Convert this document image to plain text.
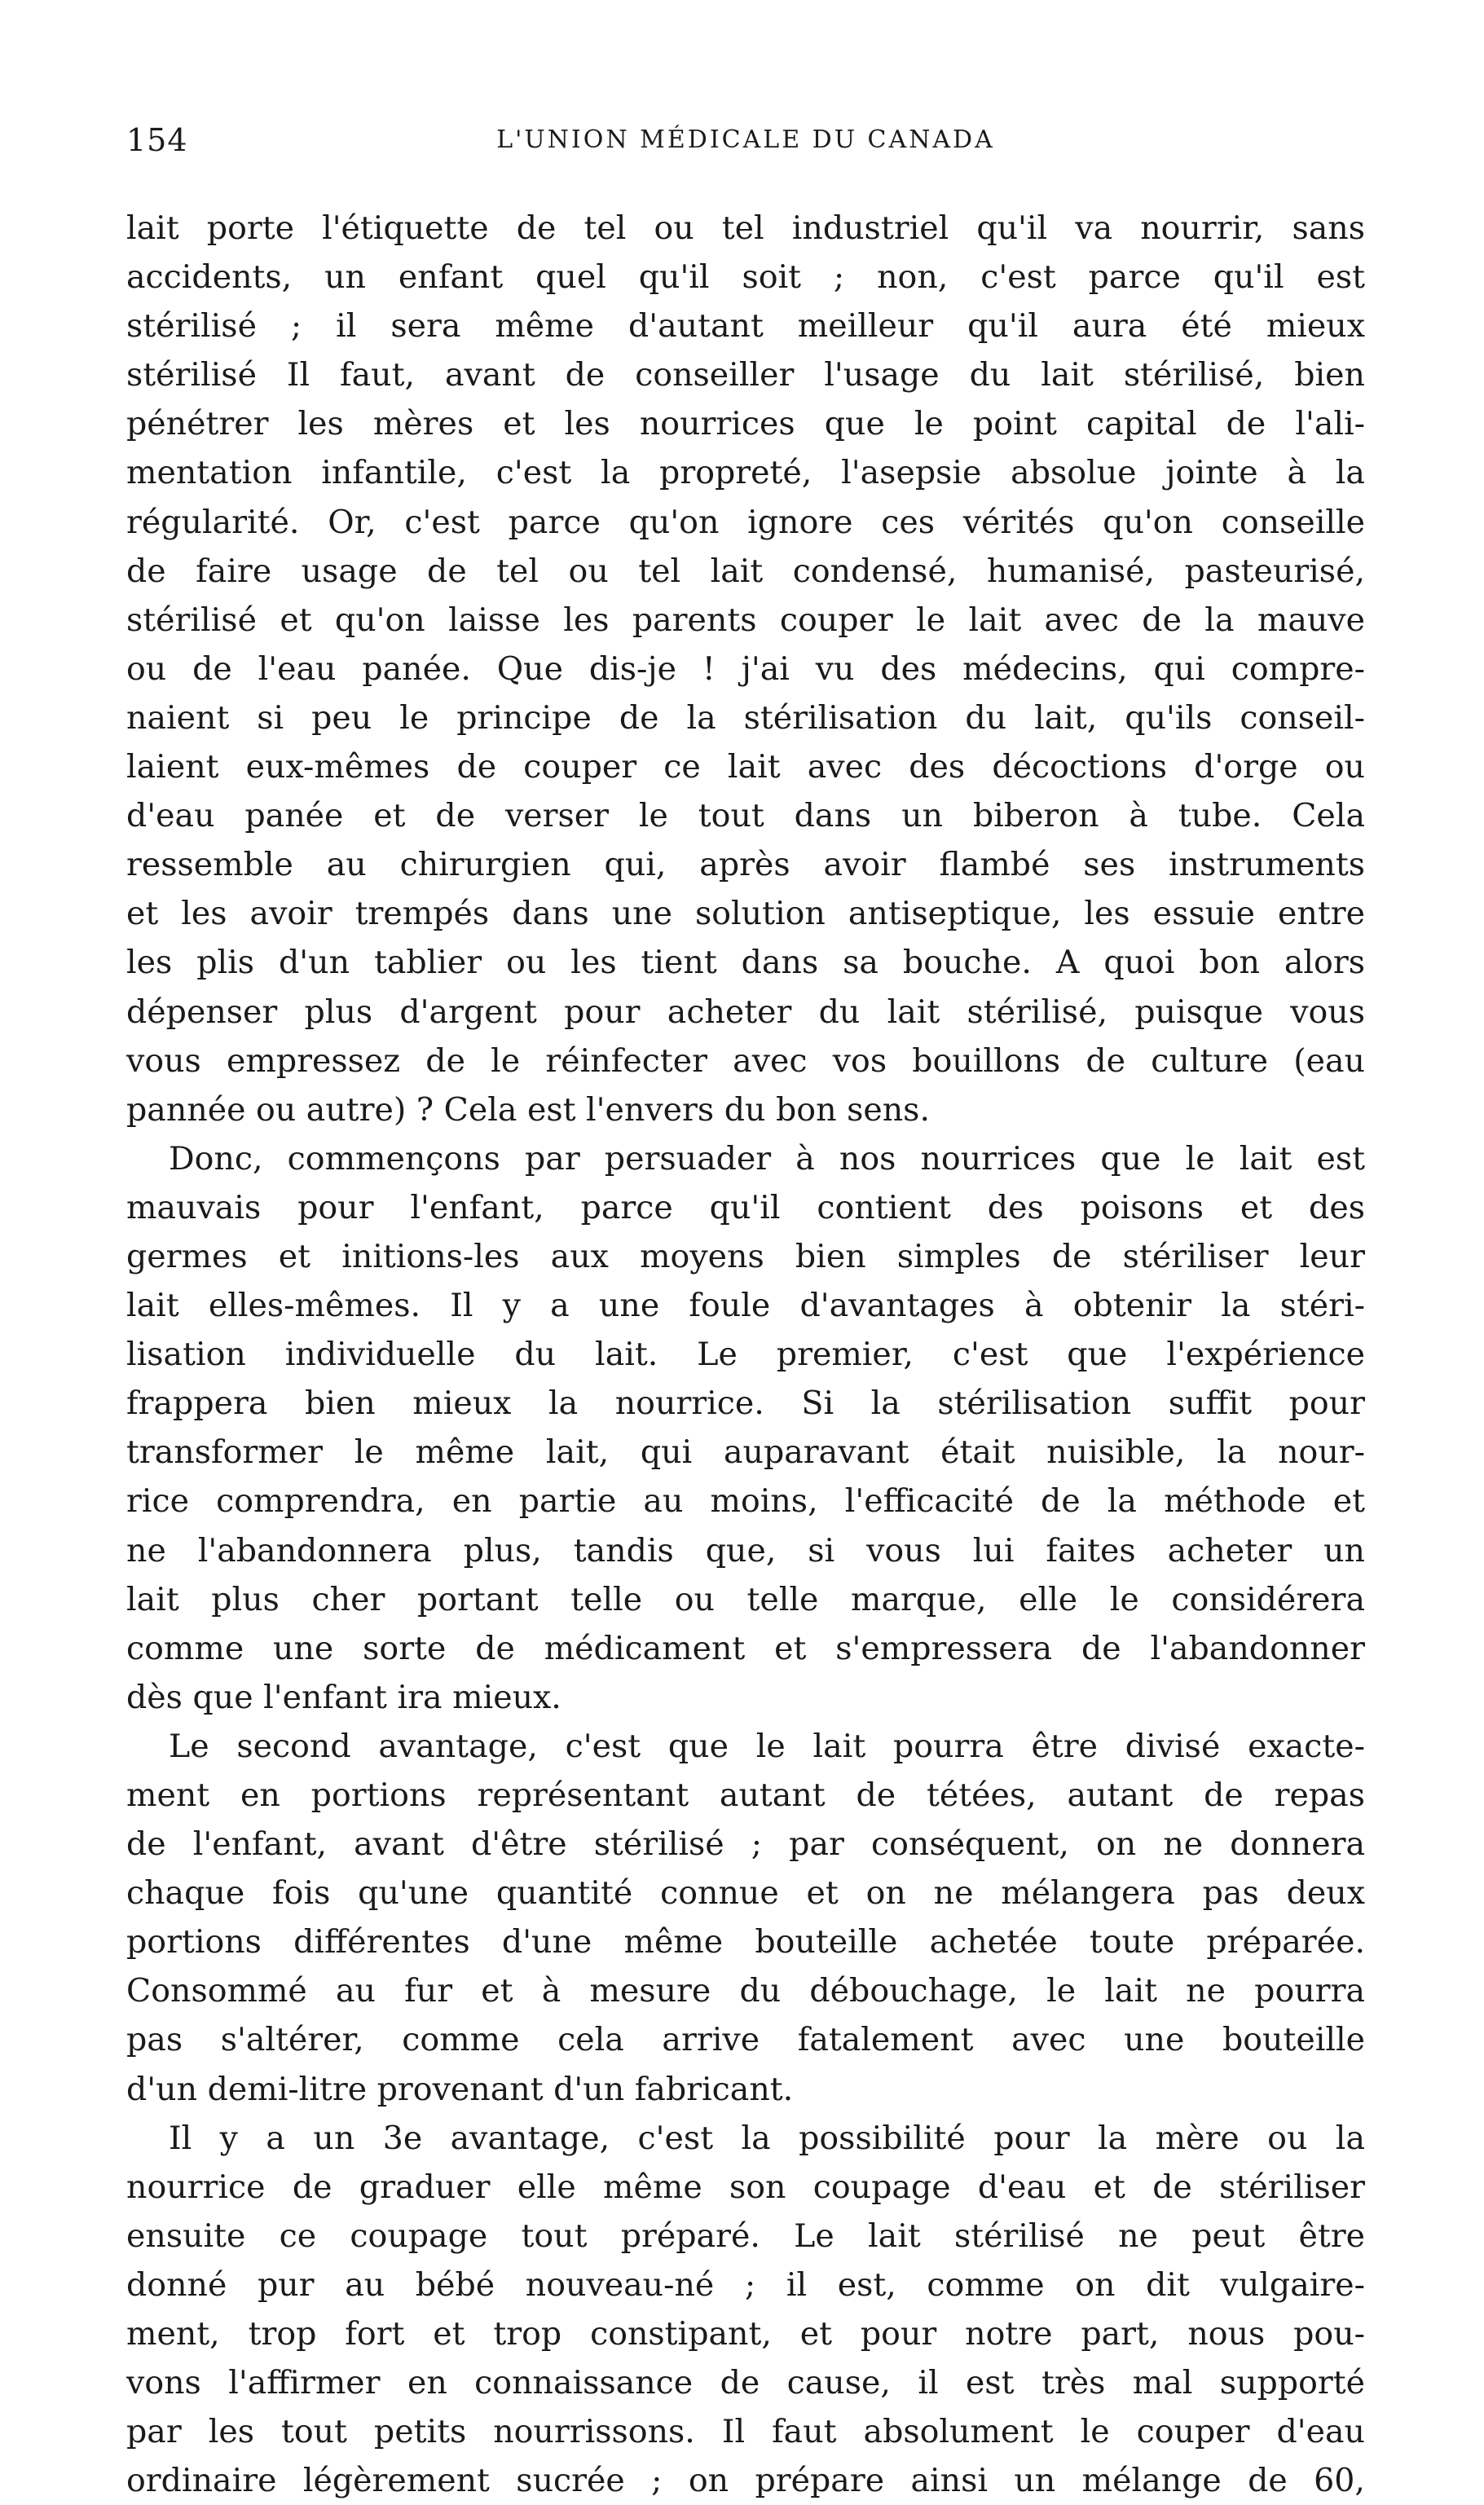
154	L'UNION MÉDICALE DU CANADA
lait porte l'étiquette de tel ou tel industriel qu'il va nourrir, sans
accidents, un enfant quel qu'il soit ; non, c'est parce qu'il est
stérilisé ; il sera même d'autant meilleur qu'il aura été mieux
stérilisé Il faut, avant de conseiller l'usage du lait stérilisé, bien
pénétrer les mères et les nourrices que le point capital de l'ali-
mentation infantile, c'est la propreté, l'asepsie absolue jointe à la
régularité. Or, c'est parce qu'on ignore ces vérités qu'on conseille
de faire usage de tel ou tel lait condensé, humanisé, pasteurisé,
stérilisé et qu'on laisse les parents couper le lait avec de la mauve
ou de l'eau panée. Que dis-je ! j'ai vu des médecins, qui compre-
naient si peu le principe de la stérilisation du lait, qu'ils conseil-
laient eux-mêmes de couper ce lait avec des décoctions d'orge ou
d'eau panée et de verser le tout dans un biberon à tube. Cela
ressemble au chirurgien qui, après avoir flambé ses instruments
et les avoir trempés dans une solution antiseptique, les essuie entre
les plis d'un tablier ou les tient dans sa bouche. A quoi bon alors
dépenser plus d'argent pour acheter du lait stérilisé, puisque vous
vous empressez de le réinfecter avec vos bouillons de culture (eau
pannée ou autre) ? Cela est l'envers du bon sens.
Donc, commençons par persuader à nos nourrices que le lait est
mauvais pour l'enfant, parce qu'il contient des poisons et des
germes et initions-les aux moyens bien simples de stériliser leur
lait elles-mêmes. Il y a une foule d'avantages à obtenir la stéri-
lisation individuelle du lait. Le premier, c'est que l'expérience
frappera bien mieux la nourrice. Si la stérilisation suffit pour
transformer le même lait, qui auparavant était nuisible, la nour-
rice comprendra, en partie au moins, l'efficacité de la méthode et
ne l'abandonnera plus, tandis que, si vous lui faites acheter un
lait plus cher portant telle ou telle marque, elle le considérera
comme une sorte de médicament et s'empressera de l'abandonner
dès que l'enfant ira mieux.
Le second avantage, c'est que le lait pourra être divisé exacte-
ment en portions représentant autant de tétées, autant de repas
de l'enfant, avant d'être stérilisé ; par conséquent, on ne donnera
chaque fois qu'une quantité connue et on ne mélangera pas deux
portions différentes d'une même bouteille achetée toute préparée.
Consommé au fur et à mesure du débouchage, le lait ne pourra
pas s'altérer, comme cela arrive fatalement avec une bouteille
d'un demi-litre provenant d'un fabricant.
Il y a un 3e avantage, c'est la possibilité pour la mère ou la
nourrice de graduer elle même son coupage d'eau et de stériliser
ensuite ce coupage tout préparé. Le lait stérilisé ne peut être
donné pur au bébé nouveau-né ; il est, comme on dit vulgaire-
ment, trop fort et trop constipant, et pour notre part, nous pou-
vons l'affirmer en connaissance de cause, il est très mal supporté
par les tout petits nourrissons. Il faut absolument le couper d'eau
ordinaire légèrement sucrée ; on prépare ainsi un mélange de 60,
